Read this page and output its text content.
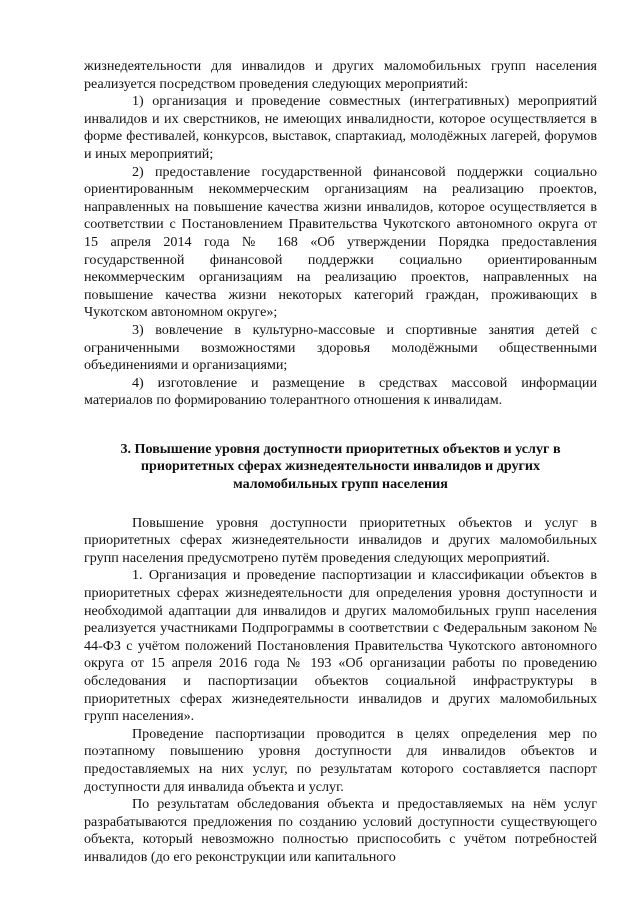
жизнедеятельности для инвалидов и других маломобильных групп населения реализуется посредством проведения следующих мероприятий:

1) организация и проведение совместных (интегративных) мероприятий инвалидов и их сверстников, не имеющих инвалидности, которое осуществляется в форме фестивалей, конкурсов, выставок, спартакиад, молодёжных лагерей, форумов и иных мероприятий;

2) предоставление государственной финансовой поддержки социально ориентированным некоммерческим организациям на реализацию проектов, направленных на повышение качества жизни инвалидов, которое осуществляется в соответствии с Постановлением Правительства Чукотского автономного округа от 15 апреля 2014 года № 168 «Об утверждении Порядка предоставления государственной финансовой поддержки социально ориентированным некоммерческим организациям на реализацию проектов, направленных на повышение качества жизни некоторых категорий граждан, проживающих в Чукотском автономном округе»;

3) вовлечение в культурно-массовые и спортивные занятия детей с ограниченными возможностями здоровья молодёжными общественными объединениями и организациями;

4) изготовление и размещение в средствах массовой информации материалов по формированию толерантного отношения к инвалидам.

3. Повышение уровня доступности приоритетных объектов и услуг в приоритетных сферах жизнедеятельности инвалидов и других маломобильных групп населения

Повышение уровня доступности приоритетных объектов и услуг в приоритетных сферах жизнедеятельности инвалидов и других маломобильных групп населения предусмотрено путём проведения следующих мероприятий.

1. Организация и проведение паспортизации и классификации объектов в приоритетных сферах жизнедеятельности для определения уровня доступности и необходимой адаптации для инвалидов и других маломобильных групп населения реализуется участниками Подпрограммы в соответствии с Федеральным законом № 44-ФЗ с учётом положений Постановления Правительства Чукотского автономного округа от 15 апреля 2016 года № 193 «Об организации работы по проведению обследования и паспортизации объектов социальной инфраструктуры в приоритетных сферах жизнедеятельности инвалидов и других маломобильных групп населения».

Проведение паспортизации проводится в целях определения мер по поэтапному повышению уровня доступности для инвалидов объектов и предоставляемых на них услуг, по результатам которого составляется паспорт доступности для инвалида объекта и услуг.

По результатам обследования объекта и предоставляемых на нём услуг разрабатываются предложения по созданию условий доступности существующего объекта, который невозможно полностью приспособить с учётом потребностей инвалидов (до его реконструкции или капитального
